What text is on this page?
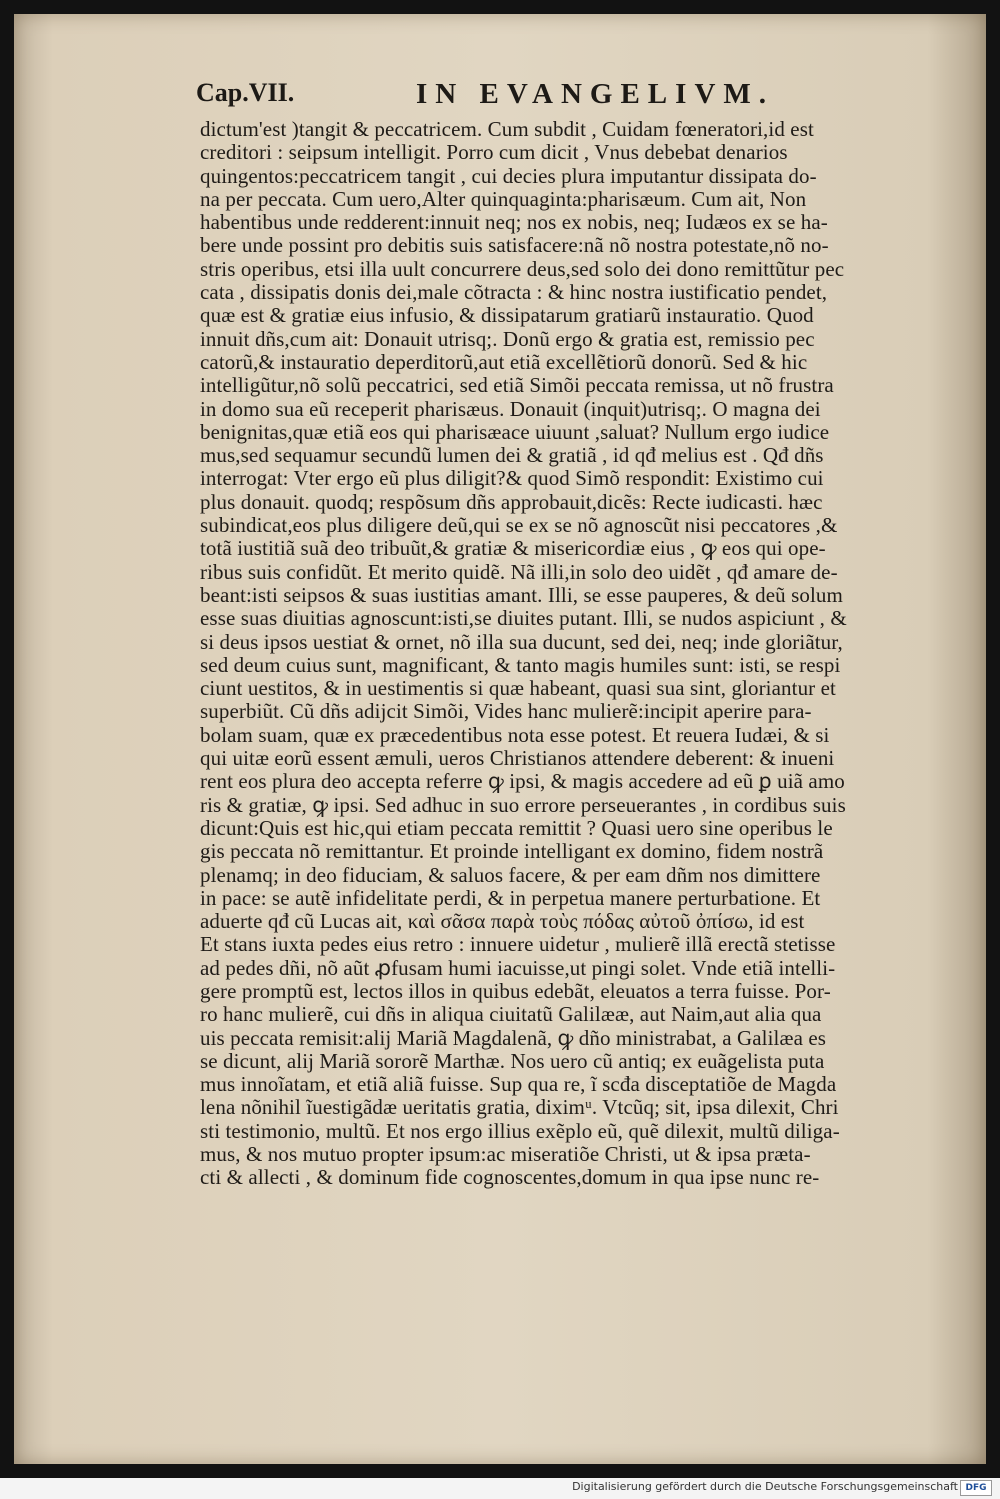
Cap.VII.	IN EVANGELIVM.
dictum'est )tangit & peccatricem. Cum subdit , Cuidam fœneratori,id est
creditori : seipsum intelligit. Porro cum dicit , Vnus debebat denarios
quingentos:peccatricem tangit , cui decies plura imputantur dissipata do-
na per peccata. Cum uero,Alter quinquaginta:pharisæum. Cum ait, Non
habentibus unde redderent:innuit neq; nos ex nobis, neq; Iudæos ex se ha-
bere unde possint pro debitis suis satisfacere:nã nõ nostra potestate,nõ no-
stris operibus, etsi illa uult concurrere deus,sed solo dei dono remittũtur pec
cata , dissipatis donis dei,male cõtracta : & hinc nostra iustificatio pendet,
quæ est & gratiæ eius infusio, & dissipatarum gratiarũ instauratio. Quod
innuit dñs,cum ait: Donauit utrisq;. Donũ ergo & gratia est, remissio pec
catorũ,& instauratio deperditorũ,aut etiã excellẽtiorũ donorũ. Sed & hic
intelligũtur,nõ solũ peccatrici, sed etiã Simõi peccata remissa, ut nõ frustra
in domo sua eũ receperit pharisæus. Donauit (inquit)utrisq;. O magna dei
benignitas,quæ etiã eos qui pharisæace uiuunt ,saluat? Nullum ergo iudice
mus,sed sequamur secundũ lumen dei & gratiã , id qđ melius est . Qđ dñs
interrogat: Vter ergo eũ plus diligit?& quod Simõ respondit: Existimo cui
plus donauit. quodq; respõsum dñs approbauit,dicẽs: Recte iudicasti. hæc
subindicat,eos plus diligere deũ,qui se ex se nõ agnoscũt nisi peccatores ,&
totã iustitiã suã deo tribuũt,& gratiæ & misericordiæ eius , ꝙ eos qui ope-
ribus suis confidũt. Et merito quidẽ. Nã illi,in solo deo uidẽt , qđ amare de-
beant:isti seipsos & suas iustitias amant. Illi, se esse pauperes, & deũ solum
esse suas diuitias agnoscunt:isti,se diuites putant. Illi, se nudos aspiciunt , &
si deus ipsos uestiat & ornet, nõ illa sua ducunt, sed dei, neq; inde gloriãtur,
sed deum cuius sunt, magnificant, & tanto magis humiles sunt: isti, se respi
ciunt uestitos, & in uestimentis si quæ habeant, quasi sua sint, gloriantur et
superbiũt. Cũ dñs adijcit Simõi, Vides hanc mulierẽ:incipit aperire para-
bolam suam, quæ ex præcedentibus nota esse potest. Et reuera Iudæi, & si
qui uitæ eorũ essent æmuli, ueros Christianos attendere deberent: & inueni
rent eos plura deo accepta referre ꝙ ipsi, & magis accedere ad eũ ꝑ uiã amo
ris & gratiæ, ꝙ ipsi. Sed adhuc in suo errore perseuerantes , in cordibus suis
dicunt:Quis est hic,qui etiam peccata remittit ? Quasi uero sine operibus le
gis peccata nõ remittantur. Et proinde intelligant ex domino, fidem nostrã
plenamq; in deo fiduciam, & saluos facere, & per eam dñm nos dimittere
in pace: se autẽ infidelitate perdi, & in perpetua manere perturbatione. Et
aduerte qđ cũ Lucas ait, καὶ σᾶσα παρὰ τοὺς πόδας αὐτοῦ ὀπίσω, id est
Et stans iuxta pedes eius retro : innuere uidetur , mulierẽ illã erectã stetisse
ad pedes dñi, nõ aũt ꝓfusam humi iacuisse,ut pingi solet. Vnde etiã intelli-
gere promptũ est, lectos illos in quibus edebãt, eleuatos a terra fuisse. Por-
ro hanc mulierẽ, cui dñs in aliqua ciuitatũ Galilææ, aut Naim,aut alia qua
uis peccata remisit:alij Mariã Magdalenã, ꝙ dño ministrabat, a Galilæa es
se dicunt, alij Mariã sororẽ Marthæ. Nos uero cũ antiq; ex euãgelista puta
mus innoĩatam, et etiã aliã fuisse. Sup qua re, ĩ scđa disceptatiõe de Magda
lena nõnihil ĩuestigãdæ ueritatis gratia, diximᵘ. Vtcũq; sit, ipsa dilexit, Chri
sti testimonio, multũ. Et nos ergo illius exẽplo eũ, quẽ dilexit, multũ diliga-
mus, & nos mutuo propter ipsum:ac miseratiõe Christi, ut & ipsa præta-
cti & allecti , & dominum fide cognoscentes,domum in qua ipse nunc re-
Digitalisierung gefördert durch die Deutsche Forschungsgemeinschaft DFG
